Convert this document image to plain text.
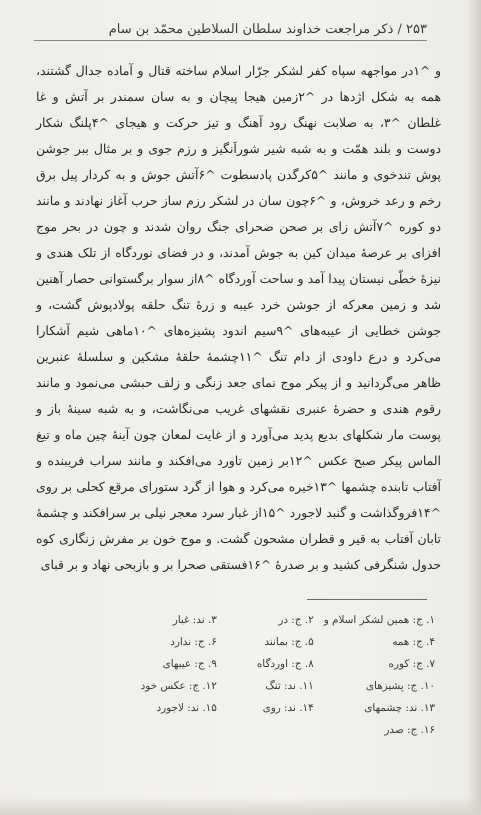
۲۵۳ / ذکر مراجعت خداوند سلطان السلاطین محمّد بن سام

و ^۱در مواجهه سپاه کفر لشکر جرّار اسلام ساخته قتال و آماده جدال گشتند، همه به شکل اژدها در ^۲زمین هیجا پیچان و به سان سمندر بر آتش و غا غلطان ^۳، به صلابت نهنگ رود آهنگ و تیز حرکت و هیجای ^۴پلنگ شکار دوست و بلند همّت و به شبه شیر شوراَنگیز و رزم جوی و بر مثال ببر جوشن پوش تندخوی و مانند ^۵کرگدن پادسطوت ^۶آتش جوش و به کردار پیل برق رخم و رعد خروش، و ^۶چون سان در لشکر رزم ساز حرب آغاز نهادند و مانند دو کوره ^۷آتش زای بر صحن صحرای جنگ روان شدند و چون در بحر موج افزای بر عرصهٔ میدان کین به جوش آمدند، و در فضای نوردگاه از تلک هندی و نیزهٔ خطّی نیستان پیدا آمد و ساحت آوردگاه ^۸از سوار برگستوانی حصار آهنین شد و زمین معرکه از جوشن خرد عیبه و زرهٔ تنگ حلقه پولادپوش گشت، و جوشن خطایی از عیبه‌های ^۹سیم اندود پشیزه‌های ^۱۰ماهی شیم آشکارا می‌کرد و درع داودی از دام تنگ ^۱۱چشمهٔ حلقهٔ مشکین و سلسلهٔ عنبرین ظاهر می‌گردانید و از پیکر موج نمای جعد زنگی و زلف حبشی می‌نمود و مانند رقوم هندی و حضرهٔ عنبری نقشهای غریب می‌نگاشت، و به شبه سینهٔ باز و پوست مار شکلهای بدیع پدید می‌آورد و از غایت لمعان چون آینهٔ چین ماه و تیغ الماس پیکر صبح عکس ^۱۲بر زمین تاورد می‌افکند و مانند سراب فریبنده و آفتاب تابنده چشمها ^۱۳خیره می‌کرد و هوا از گرد ستورای مرقع کحلی بر روی ^۱۴فروگذاشت و گنبد لاجورد ^۱۵از غبار سرد معجر نیلی بر سرافکند و چشمهٔ تابان آفتاب به قیر و قطران مشحون گشت. و موج خون بر مفرش زنگاری کوه حدول شنگرفی کشید و بر صدرهٔ ^۱۶فستقی صحرا بر و بازبحی نهاد و بر قبای

۱. ج: همین لشکر اسلام و
۲. ج: در
۳. ند: غبار
۴. ج: همه
۵. ج: بمانند
۶. ج: ندارد
۷. ج: کوره
۸. ج: اوردگاه
۹. ج: عیبهای
۱۰. ج: پشیزهای
۱۱. ند: تنگ
۱۲. ج: عکس خود
۱۳. ند: چشمهای
۱۴. ند: روی
۱۵. ند: لاجورد
۱۶. ج: صدر
